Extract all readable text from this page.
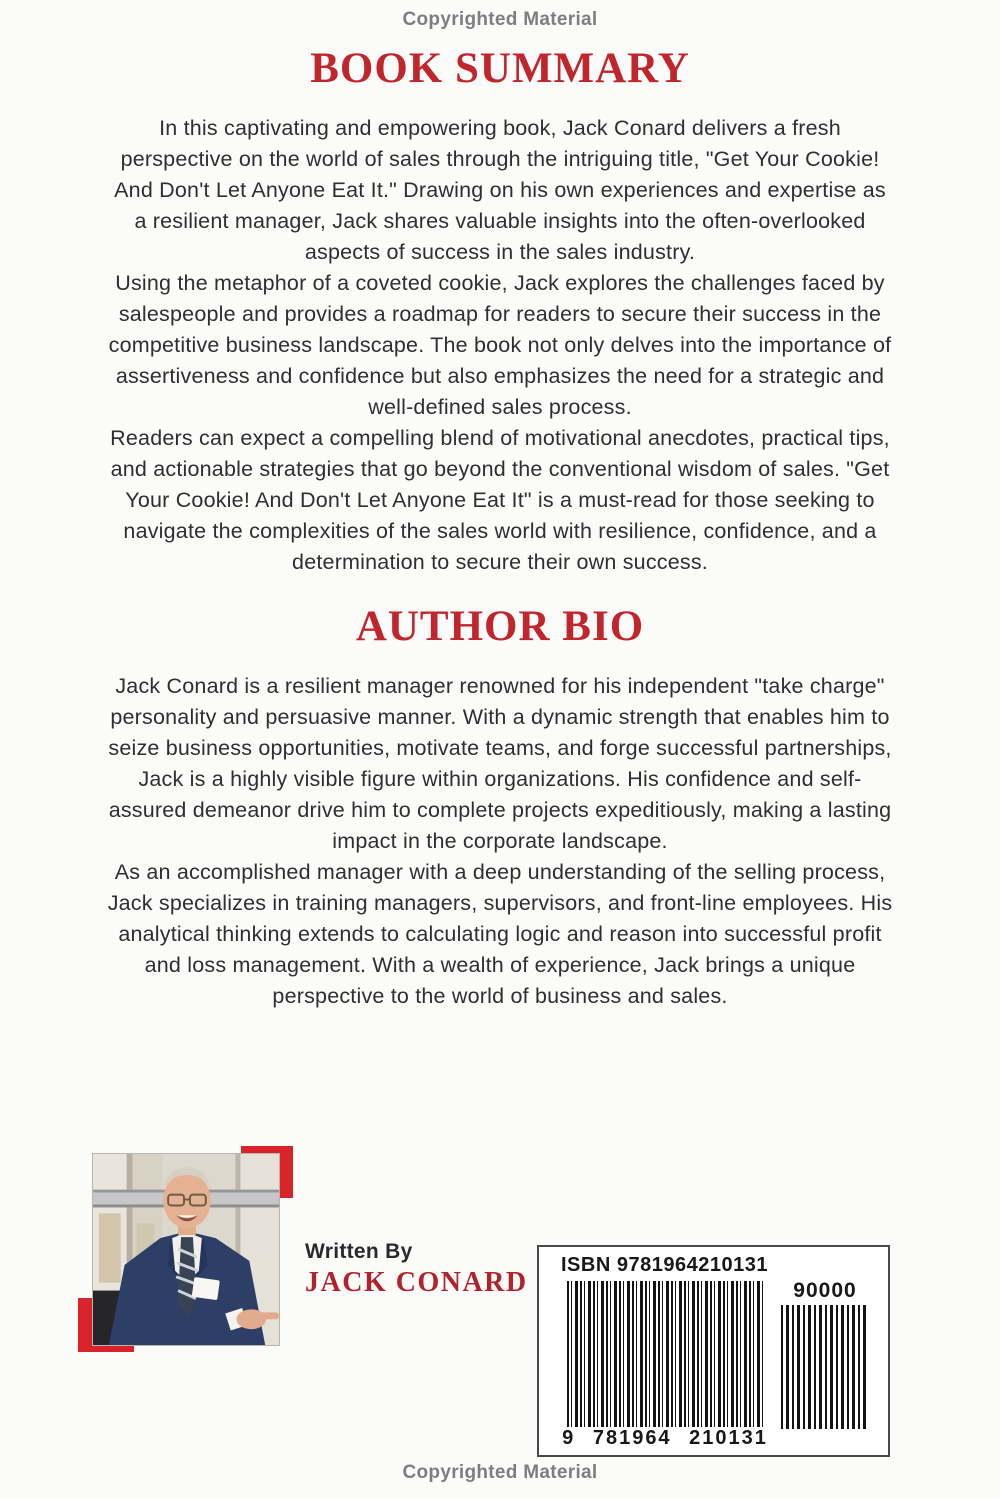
Copyrighted Material
BOOK SUMMARY

In this captivating and empowering book, Jack Conard delivers a fresh perspective on the world of sales through the intriguing title, "Get Your Cookie! And Don't Let Anyone Eat It." Drawing on his own experiences and expertise as a resilient manager, Jack shares valuable insights into the often-overlooked aspects of success in the sales industry.

Using the metaphor of a coveted cookie, Jack explores the challenges faced by salespeople and provides a roadmap for readers to secure their success in the competitive business landscape. The book not only delves into the importance of assertiveness and confidence but also emphasizes the need for a strategic and well-defined sales process.

Readers can expect a compelling blend of motivational anecdotes, practical tips, and actionable strategies that go beyond the conventional wisdom of sales. "Get Your Cookie! And Don't Let Anyone Eat It" is a must-read for those seeking to navigate the complexities of the sales world with resilience, confidence, and a determination to secure their own success.

AUTHOR BIO

Jack Conard is a resilient manager renowned for his independent "take charge" personality and persuasive manner. With a dynamic strength that enables him to seize business opportunities, motivate teams, and forge successful partnerships, Jack is a highly visible figure within organizations. His confidence and self-assured demeanor drive him to complete projects expeditiously, making a lasting impact in the corporate landscape.

As an accomplished manager with a deep understanding of the selling process, Jack specializes in training managers, supervisors, and front-line employees. His analytical thinking extends to calculating logic and reason into successful profit and loss management. With a wealth of experience, Jack brings a unique perspective to the world of business and sales.

Written By
JACK CONARD
ISBN 9781964210131
9 781964 210131
90000
Copyrighted Material
